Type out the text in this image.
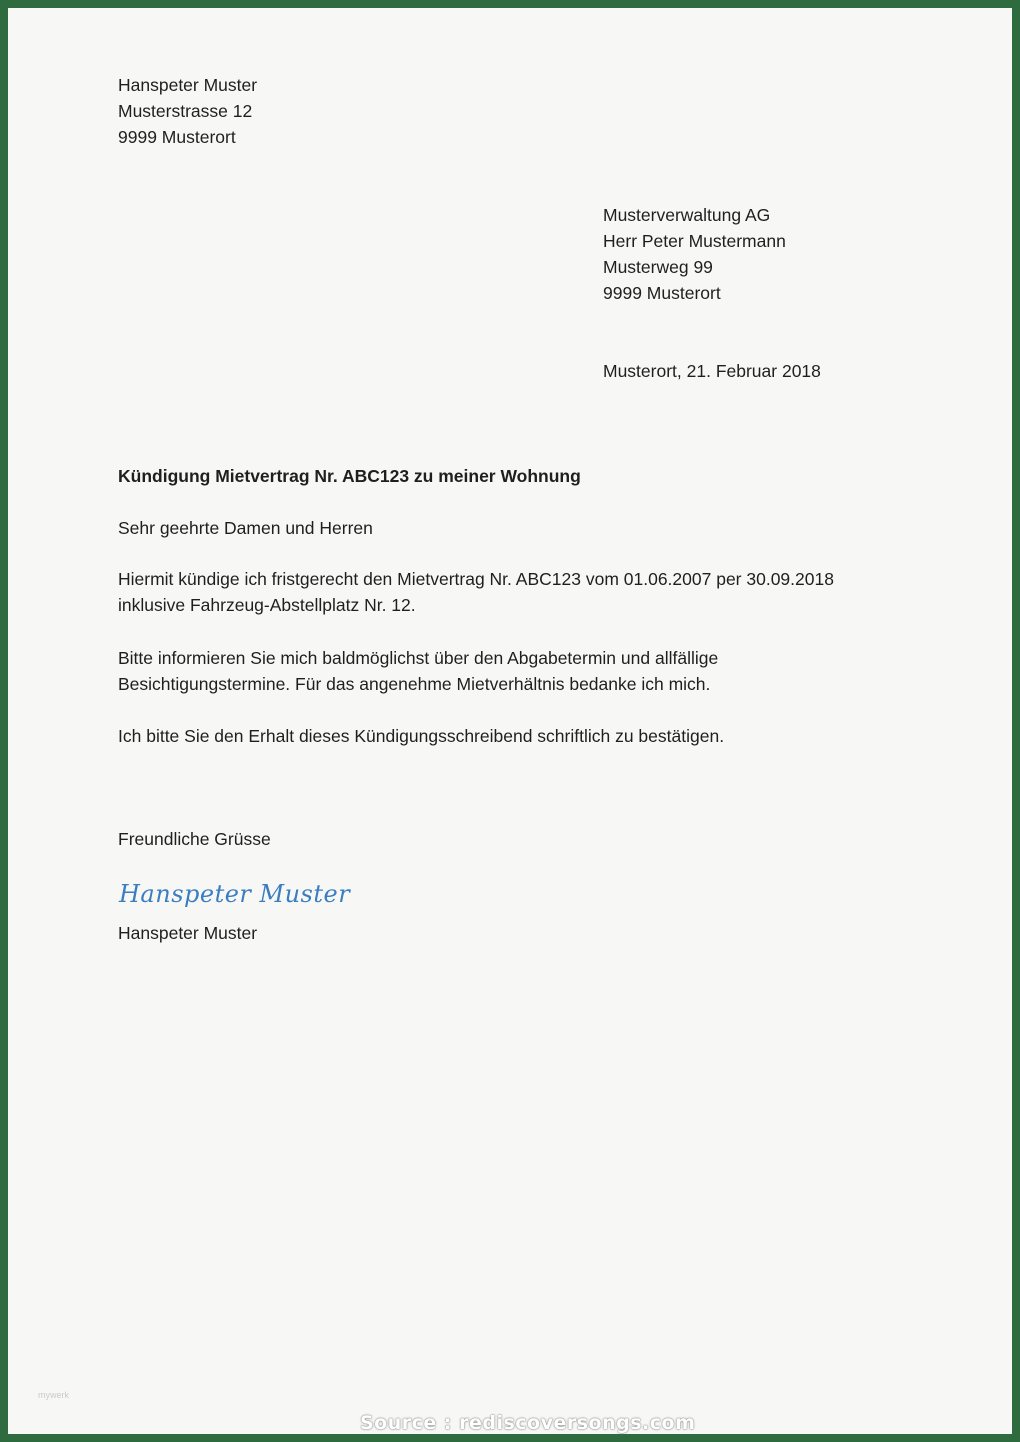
Hanspeter Muster
Musterstrasse 12
9999 Musterort
Musterverwaltung AG
Herr Peter Mustermann
Musterweg 99
9999 Musterort
Musterort, 21. Februar 2018
Kündigung Mietvertrag Nr. ABC123 zu meiner Wohnung
Sehr geehrte Damen und Herren
Hiermit kündige ich fristgerecht den Mietvertrag Nr. ABC123 vom 01.06.2007 per 30.09.2018
inklusive Fahrzeug-Abstellplatz Nr. 12.
Bitte informieren Sie mich baldmöglichst über den Abgabetermin und allfällige
Besichtigungstermine. Für das angenehme Mietverhältnis bedanke ich mich.
Ich bitte Sie den Erhalt dieses Kündigungsschreibend schriftlich zu bestätigen.
Freundliche Grüsse
Hanspeter Muster
Hanspeter Muster
mywerk
Source : rediscoversongs.com
